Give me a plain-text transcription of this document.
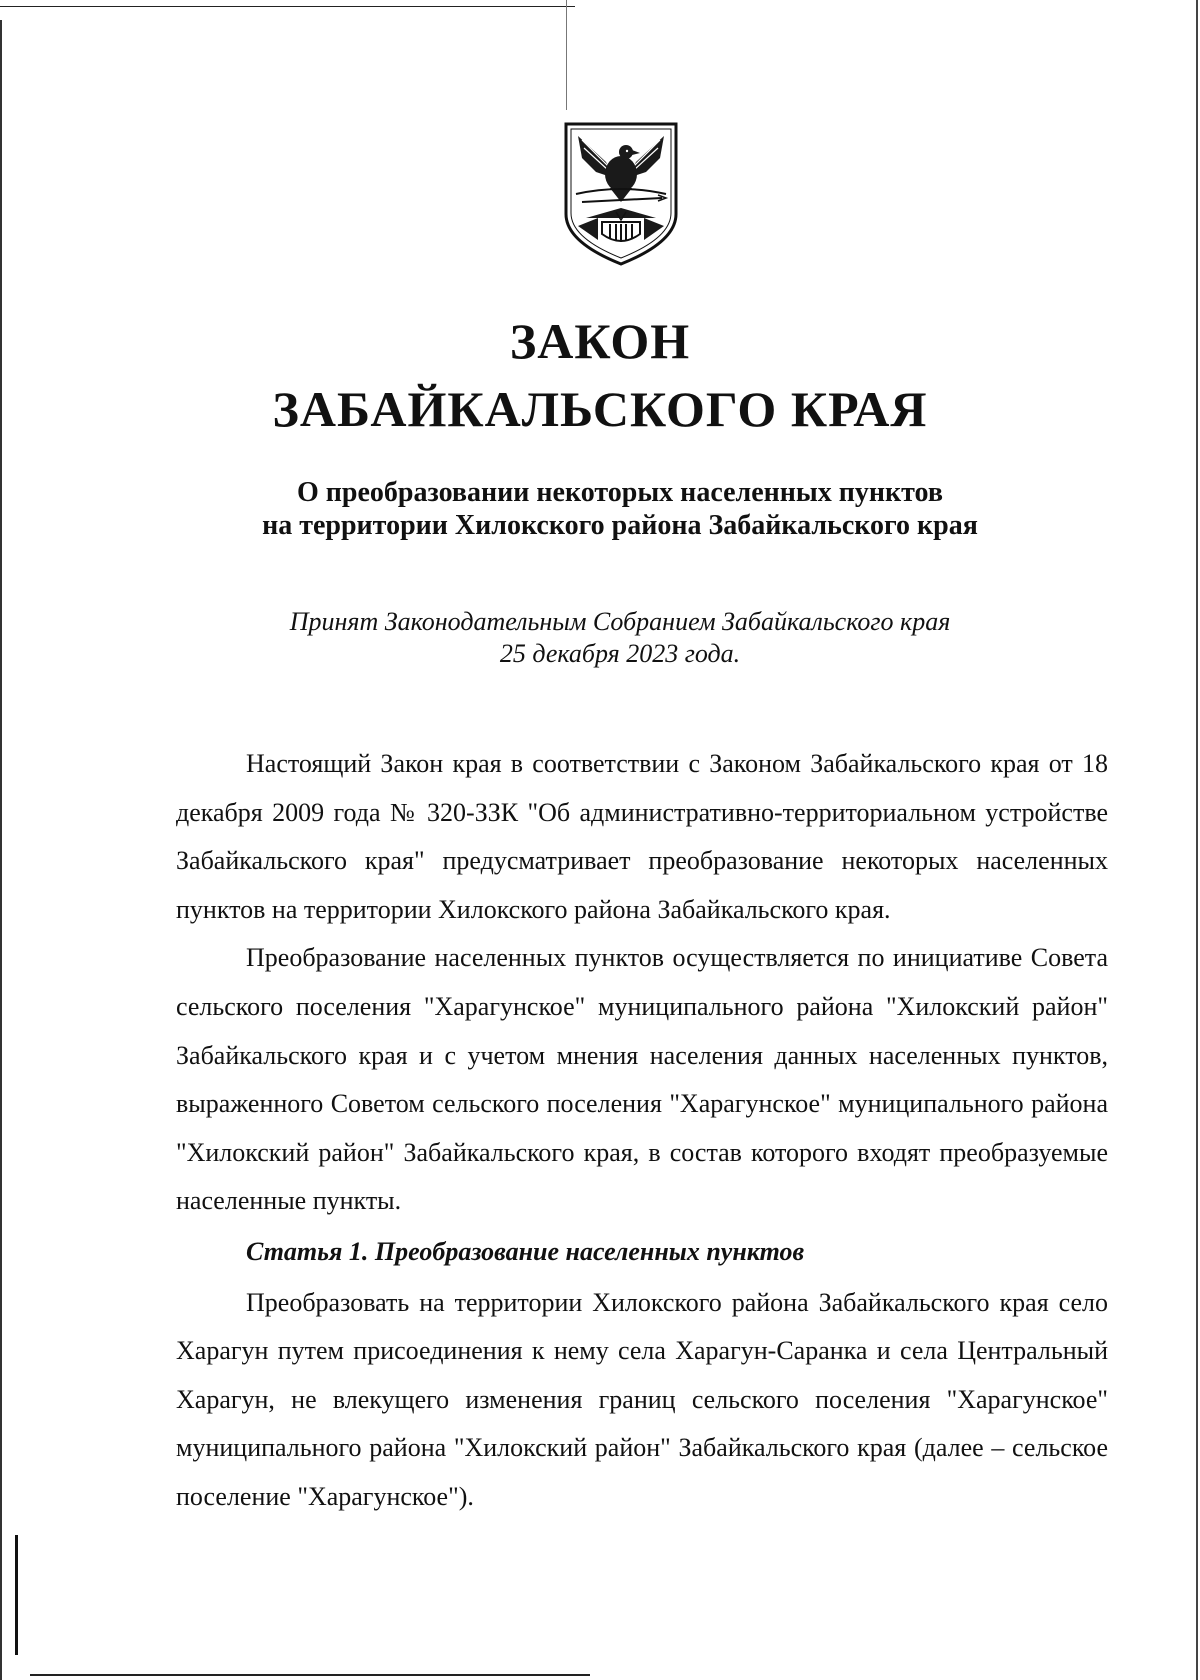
ЗАКОН
ЗАБАЙКАЛЬСКОГО КРАЯ
О преобразовании некоторых населенных пунктов
на территории Хилокского района Забайкальского края

Принят Законодательным Собранием Забайкальского края
25 декабря 2023 года.

Настоящий Закон края в соответствии с Законом Забайкальского края от 18 декабря 2009 года № 320-ЗЗК "Об административно-территориальном устройстве Забайкальского края" предусматривает преобразование некоторых населенных пунктов на территории Хилокского района Забайкальского края.

Преобразование населенных пунктов осуществляется по инициативе Совета сельского поселения "Харагунское" муниципального района "Хилокский район" Забайкальского края и с учетом мнения населения данных населенных пунктов, выраженного Советом сельского поселения "Харагунское" муниципального района "Хилокский район" Забайкальского края, в состав которого входят преобразуемые населенные пункты.

Статья 1. Преобразование населенных пунктов

Преобразовать на территории Хилокского района Забайкальского края село Харагун путем присоединения к нему села Харагун-Саранка и села Центральный Харагун, не влекущего изменения границ сельского поселения "Харагунское" муниципального района "Хилокский район" Забайкальского края (далее – сельское поселение "Харагунское").
